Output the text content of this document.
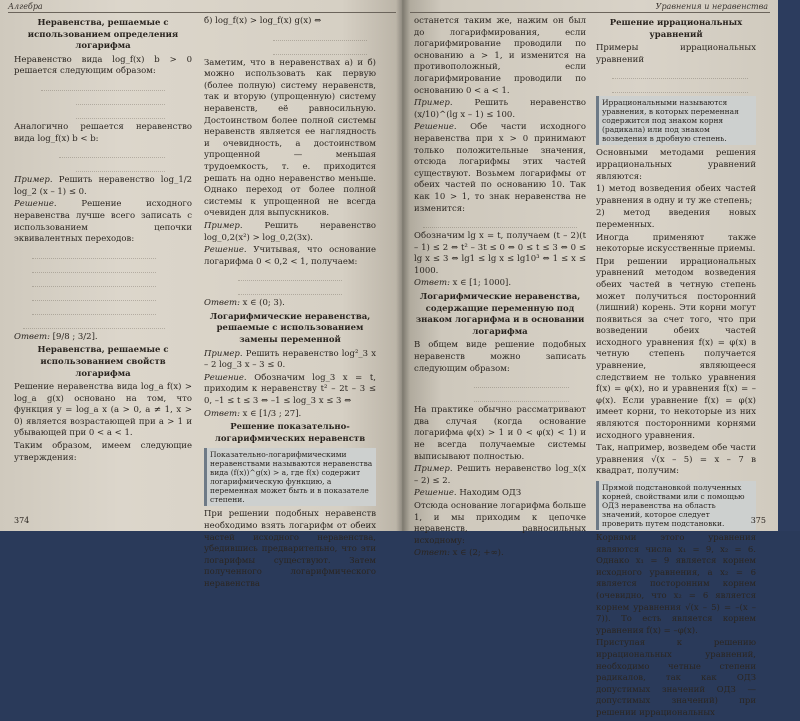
Алгебра

Неравенства, решаемые с использованием определения логарифма

Неравенство вида log_f(x) b > 0 решается следующим образом:

Аналогично решается неравенство вида log_f(x) b < b:

Пример. Решить неравенство log_1/2 log_2 (x – 1) ≤ 0.

Решение.	Решение исходного неравенства лучше всего записать с использованием цепочки эквивалентных переходов:

Ответ: [9/8 ; 3/2].

Неравенства, решаемые с использованием свойств логарифма

Решение неравенства вида log_a f(x) > log_a g(x) основано на том, что функция y = log_a x (a > 0, a ≠ 1, x > 0) является возрастающей при a > 1 и убывающей при 0 < a < 1.

Таким образом, имеем следующие утверждения:

б) log_f(x) > log_f(x) g(x) ⇔

Заметим, что в неравенствах а) и б) можно использовать как первую (более полную) систему неравенств, так и вторую (упрощенную) систему неравенств, её равносильную. Достоинством более полной системы неравенств является ее наглядность и очевидность, а достоинством упрощенной — меньшая трудоемкость, т. е. приходится решать на одно неравенство меньше. Однако переход от более полной системы к упрощенной не всегда очевиден для выпускников.

Пример.	Решить неравенство log_0,2(x²) > log_0,2(3x).

Решение. Учитывая, что основание логарифма 0 < 0,2 < 1, получаем:

Ответ: x ∈ (0; 3).

Логарифмические неравенства, решаемые с использованием замены переменной

Пример. Решить неравенство log²_3 x – 2 log_3 x – 3 ≤ 0.

Решение. Обозначим log_3 x = t, приходим к неравенству t² – 2t – 3 ≤ 0, –1 ≤ t ≤ 3 ⇔ –1 ≤ log_3 x ≤ 3 ⇔

Ответ: x ∈ [1/3 ; 27].

Решение показательно-логарифмических неравенств

Показательно-логарифмическими неравенствами называются неравенства вида (f(x))^g(x) > a, где f(x) содержит логарифмическую функцию, а переменная может быть и в показателе степени.

При решении подобных неравенств необходимо взять логарифм от обеих частей исходного неравенства, убедившись предварительно, что эти логарифмы существуют. Затем полученного логарифмического неравенства

374
Уравнения и неравенства

останется таким же, нажим он был до логарифмирования, если логарифмирование проводили по основанию a > 1, и изменится на противоположный, если логарифмирование проводили по основанию 0 < a < 1.

Пример.	Решить неравенство (x/10)^(lg x – 1) ≤ 100.

Решение. Обе части исходного неравенства при x > 0 принимают только положительные значения, отсюда логарифмы этих частей существуют. Возьмем логарифмы от обеих частей по основанию 10. Так как 10 > 1, то знак неравенства не изменится:

Обозначим lg x = t, получаем (t – 2)(t – 1) ≤ 2 ⇔ t² – 3t ≤ 0 ⇔ 0 ≤ t ≤ 3 ⇔ 0 ≤ lg x ≤ 3 ⇔ lg1 ≤ lg x ≤ lg10³ ⇔ 1 ≤ x ≤ 1000.

Ответ: x ∈ [1; 1000].

Логарифмические неравенства, содержащие переменную под знаком логарифма и в основании логарифма

В общем виде решение подобных неравенств можно записать следующим образом:

На практике обычно рассматривают два случая (когда основание логарифма φ(x) > 1 и 0 < φ(x) < 1) и не всегда получаемые системы выписывают полностью.

Пример. Решить неравенство log_x(x – 2) ≤ 2.

Решение. Находим ОДЗ

Отсюда основание логарифма больше 1, и мы приходим к цепочке неравенств, равносильных исходному:

Ответ: x ∈ (2; +∞).

Решение иррациональных уравнений

Примеры иррациональных уравнений

Иррациональными называются уравнения, в которых переменная содержится под знаком корня (радикала) или под знаком возведения в дробную степень.

Основными методами решения иррациональных уравнений являются:

1) метод возведения обеих частей уравнения в одну и ту же степень;

2) метод введения новых переменных.

Иногда применяют также некоторые искусственные приемы.

При решении иррациональных уравнений методом возведения обеих частей в четную степень может получиться посторонний (лишний) корень. Эти корни могут появиться за счет того, что при возведении обеих частей исходного уравнения f(x) = φ(x) в четную степень получается уравнение, являющееся следствием не только уравнения f(x) = φ(x), но и уравнения f(x) = –φ(x). Если уравнение f(x) = φ(x) имеет корни, то некоторые из них являются посторонними корнями исходного уравнения.

Так, например, возведем обе части уравнения √(x – 5) = x – 7 в квадрат, получим:

Прямой подстановкой полученных корней, свойствами или с помощью ОДЗ неравенства на область значений, которое следует проверить путем подстановки.

Корнями этого уравнения являются числа x₁ = 9, x₂ = 6. Однако x₁ = 9 является корнем исходного уравнения, а x₂ = 6 является посторонним корнем (очевидно, что x₂ = 6 является корнем уравнения √(x – 5) = –(x – 7)). То есть является корнем уравнения f(x) = –φ(x).

Приступая к решению иррациональных уравнений, необходимо четные степени радикалов, так как ОДЗ допустимых значений ОДЗ — допустимых значений) при решении иррациональных

375
